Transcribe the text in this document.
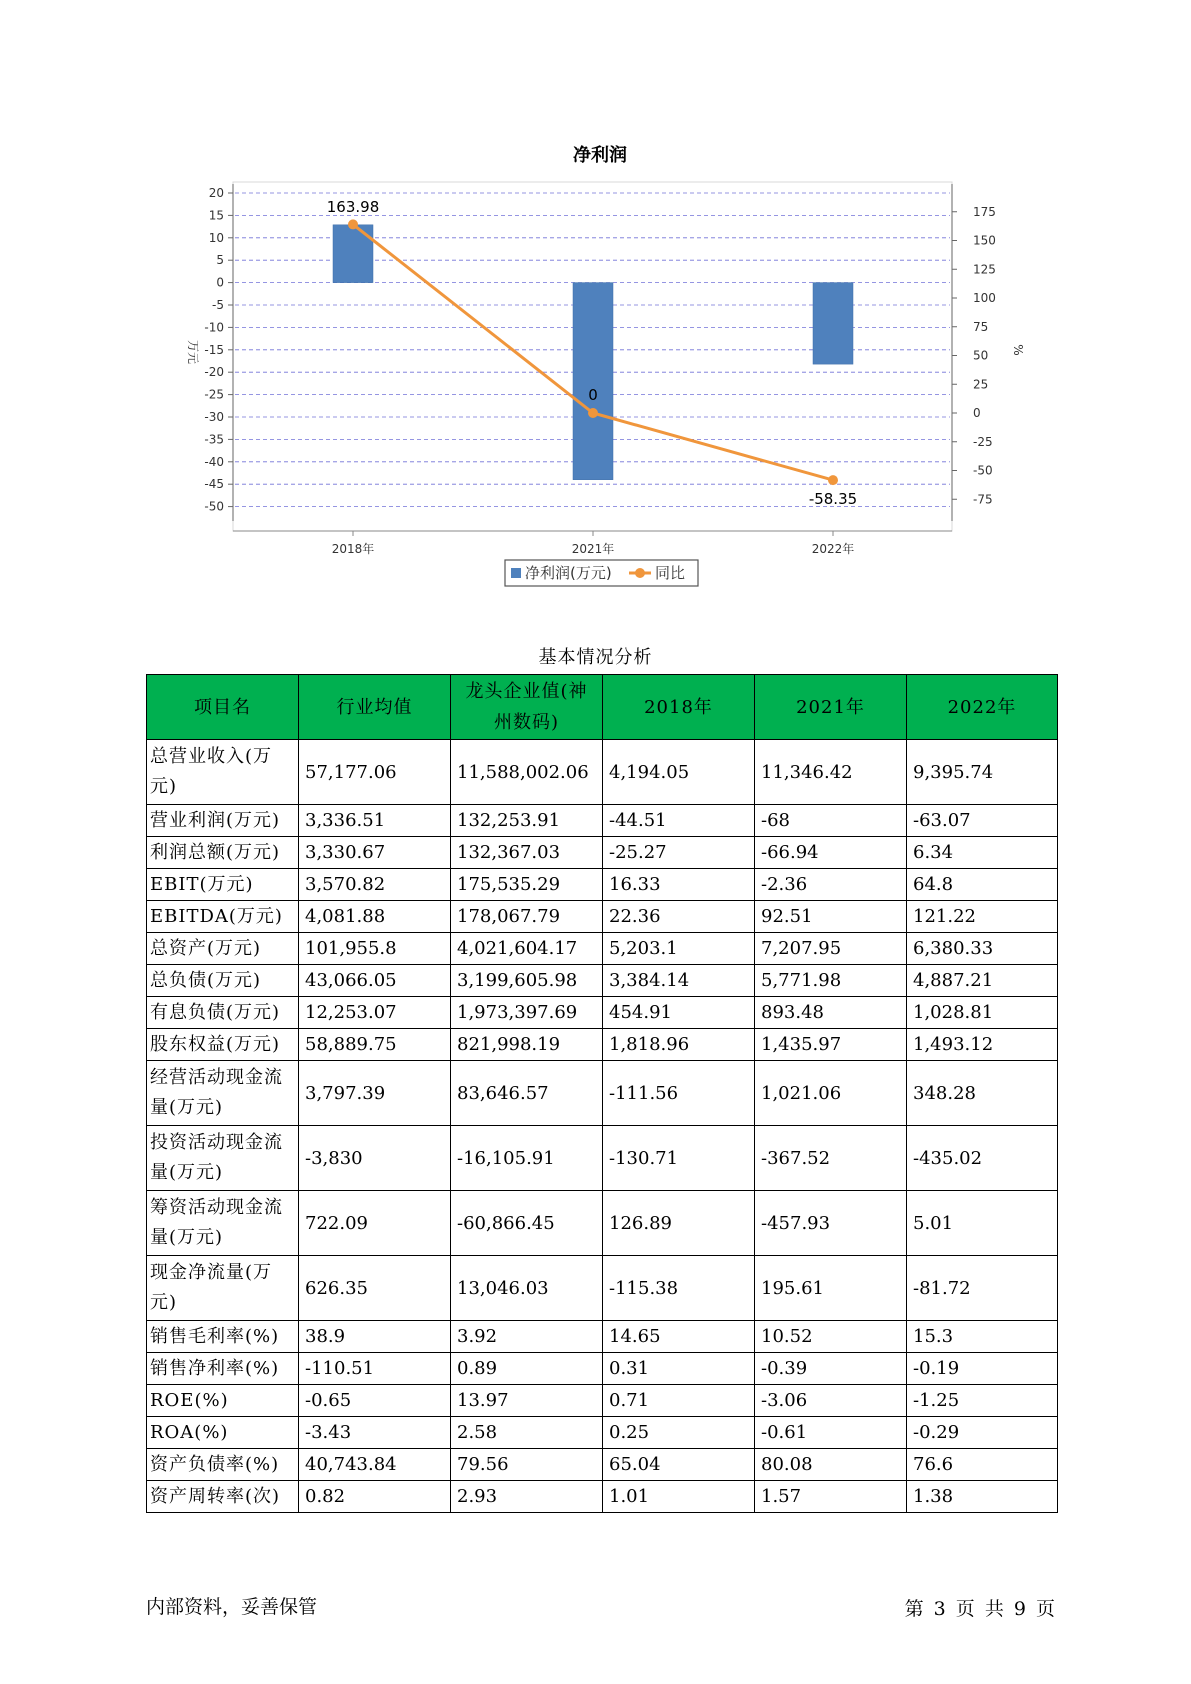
净利润
20
15
10
5
0
-5
-10
-15
-20
-25
-30
-35
-40
-45
-50
175
150
125
100
75
50
25
0
-25
-50
-75
万元	%
2018年	2021年	2022年
163.98
0
-58.35
净利润(万元)	同比
基本情况分析
项目名	行业均值	龙头企业值(神州数码)	2018年	2021年	2022年
总营业收入(万元)	57,177.06	11,588,002.06	4,194.05	11,346.42	9,395.74
营业利润(万元)	3,336.51	132,253.91	-44.51	-68	-63.07
利润总额(万元)	3,330.67	132,367.03	-25.27	-66.94	6.34
EBIT(万元)	3,570.82	175,535.29	16.33	-2.36	64.8
EBITDA(万元)	4,081.88	178,067.79	22.36	92.51	121.22
总资产(万元)	101,955.8	4,021,604.17	5,203.1	7,207.95	6,380.33
总负债(万元)	43,066.05	3,199,605.98	3,384.14	5,771.98	4,887.21
有息负债(万元)	12,253.07	1,973,397.69	454.91	893.48	1,028.81
股东权益(万元)	58,889.75	821,998.19	1,818.96	1,435.97	1,493.12
经营活动现金流量(万元)	3,797.39	83,646.57	-111.56	1,021.06	348.28
投资活动现金流量(万元)	-3,830	-16,105.91	-130.71	-367.52	-435.02
筹资活动现金流量(万元)	722.09	-60,866.45	126.89	-457.93	5.01
现金净流量(万元)	626.35	13,046.03	-115.38	195.61	-81.72
销售毛利率(%)	38.9	3.92	14.65	10.52	15.3
销售净利率(%)	-110.51	0.89	0.31	-0.39	-0.19
ROE(%)	-0.65	13.97	0.71	-3.06	-1.25
ROA(%)	-3.43	2.58	0.25	-0.61	-0.29
资产负债率(%)	40,743.84	79.56	65.04	80.08	76.6
资产周转率(次)	0.82	2.93	1.01	1.57	1.38
内部资料，妥善保管	第 3 页 共 9 页
